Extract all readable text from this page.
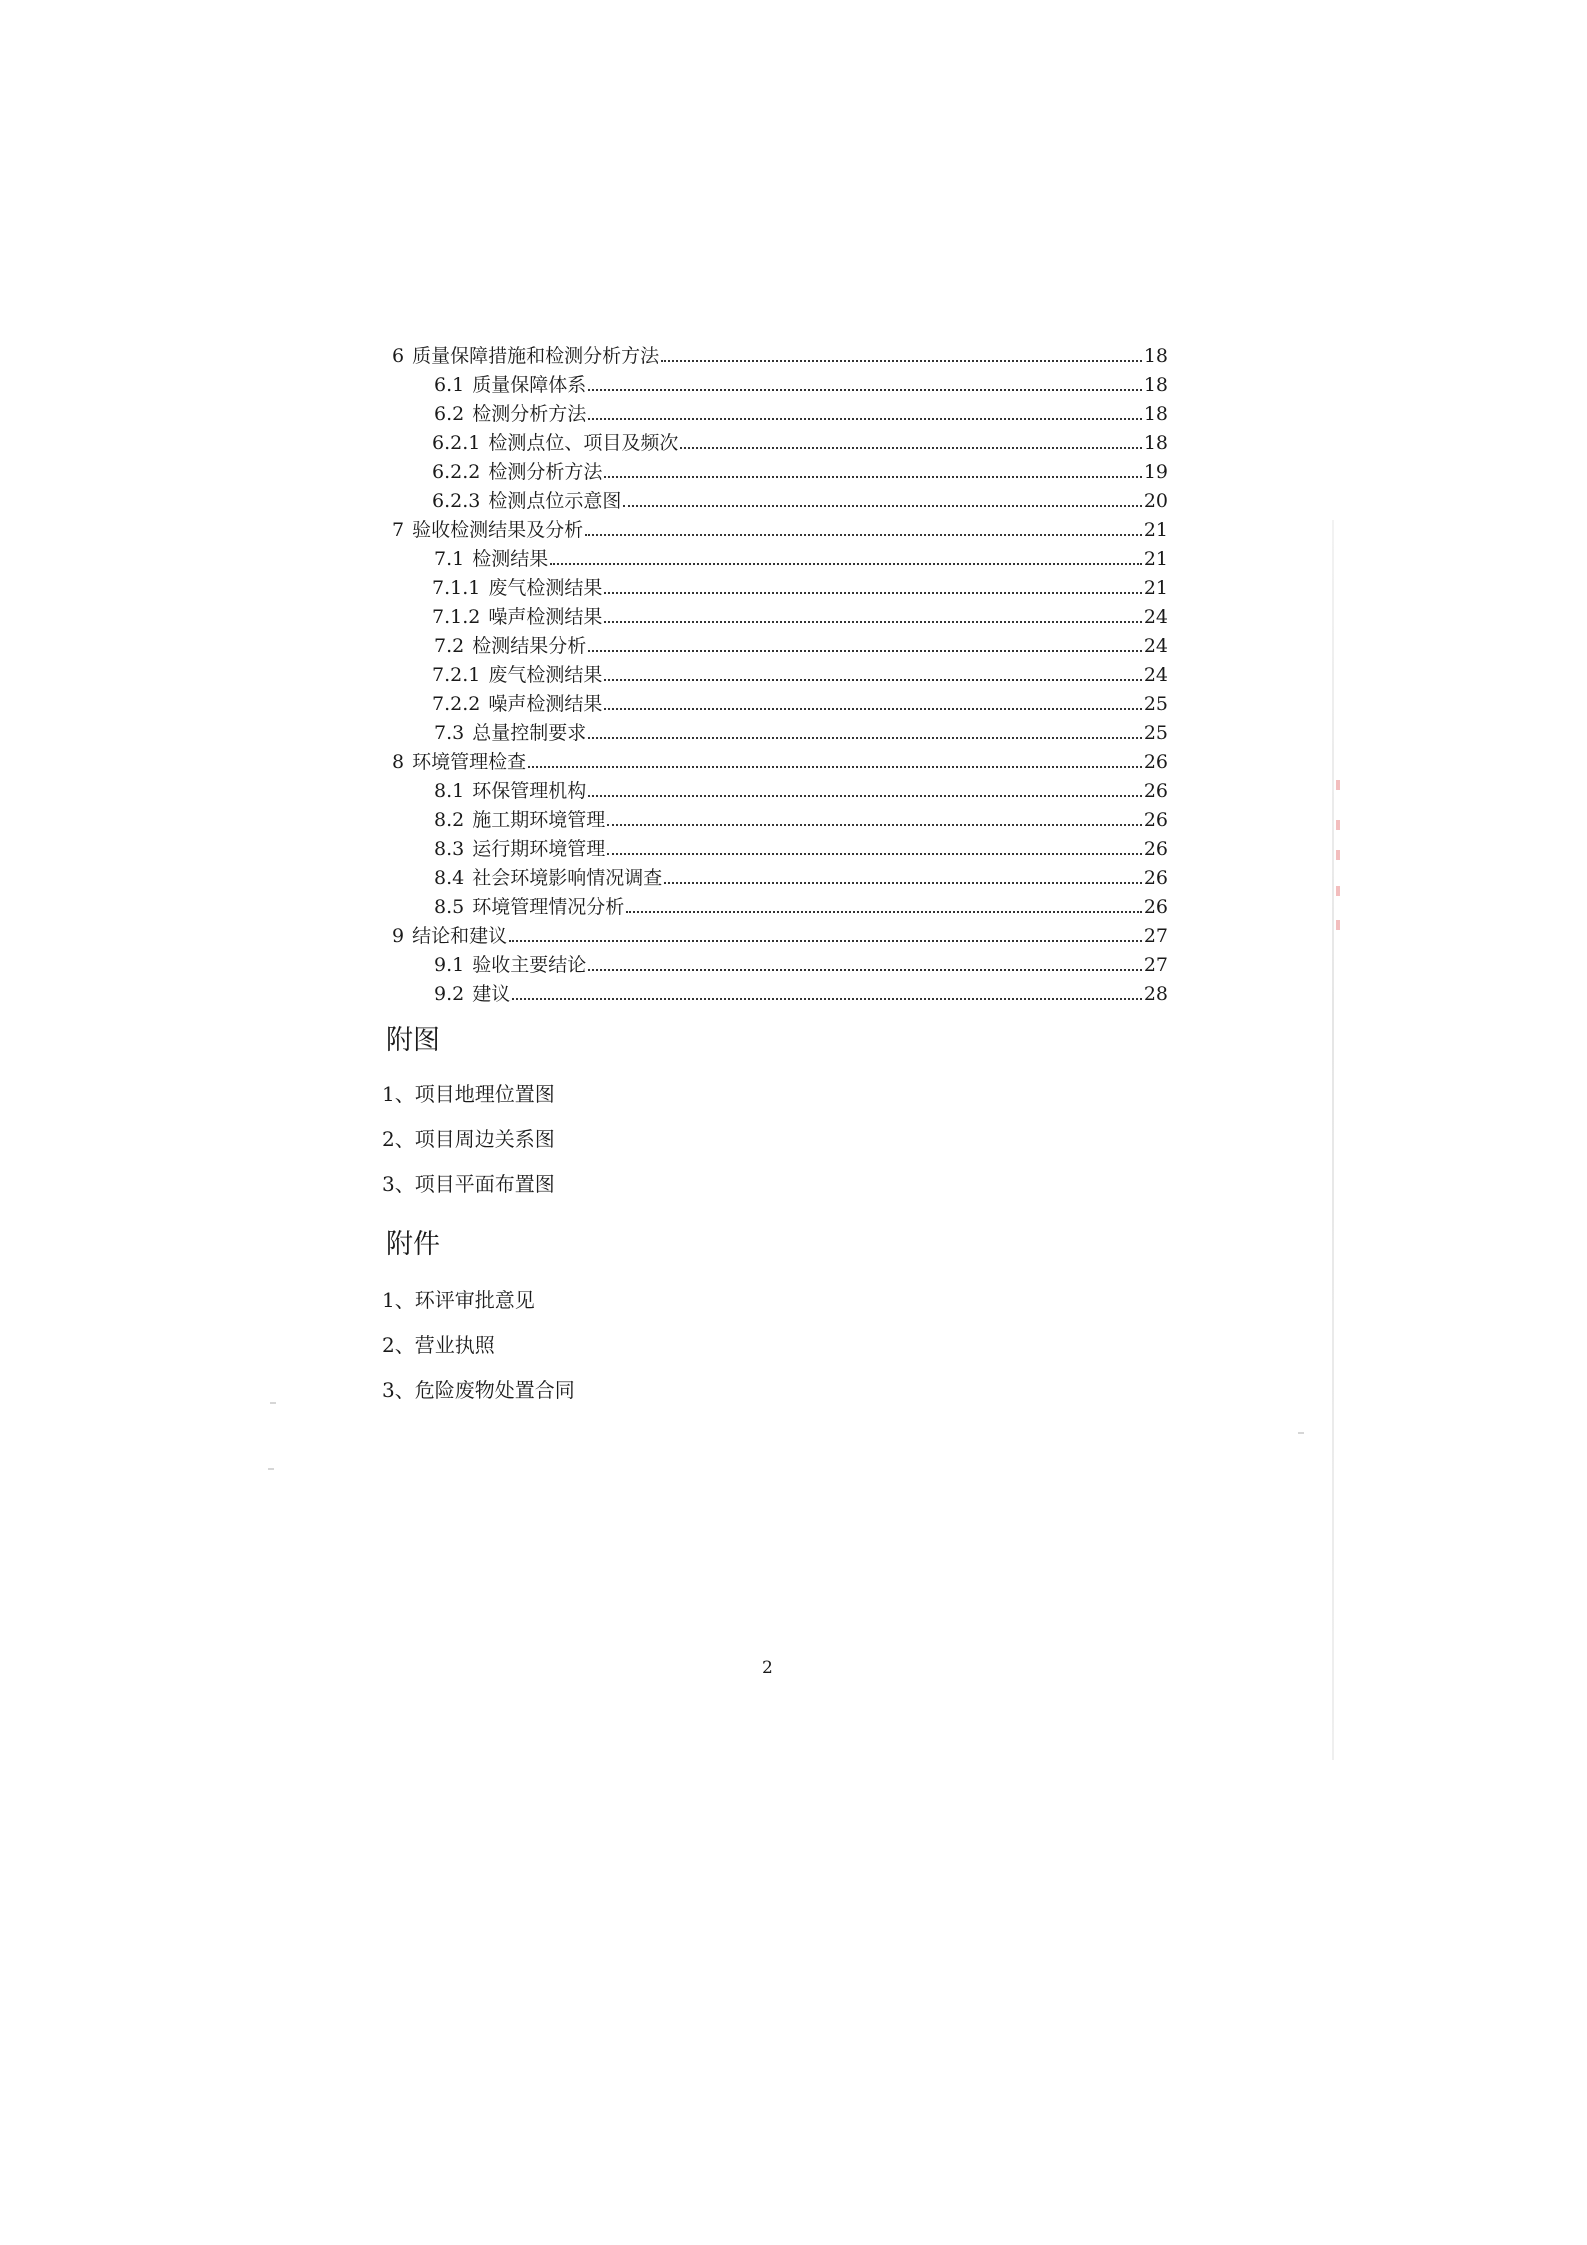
6 质量保障措施和检测分析方法	18
6.1 质量保障体系	18
6.2 检测分析方法	18
6.2.1 检测点位、项目及频次	18
6.2.2 检测分析方法	19
6.2.3 检测点位示意图	20
7 验收检测结果及分析	21
7.1 检测结果	21
7.1.1 废气检测结果	21
7.1.2 噪声检测结果	24
7.2 检测结果分析	24
7.2.1 废气检测结果	24
7.2.2 噪声检测结果	25
7.3 总量控制要求	25
8 环境管理检查	26
8.1 环保管理机构	26
8.2 施工期环境管理	26
8.3 运行期环境管理	26
8.4 社会环境影响情况调查	26
8.5 环境管理情况分析	26
9 结论和建议	27
9.1 验收主要结论	27
9.2 建议	28
附图
1、项目地理位置图
2、项目周边关系图
3、项目平面布置图
附件
1、环评审批意见
2、营业执照
3、危险废物处置合同
2
